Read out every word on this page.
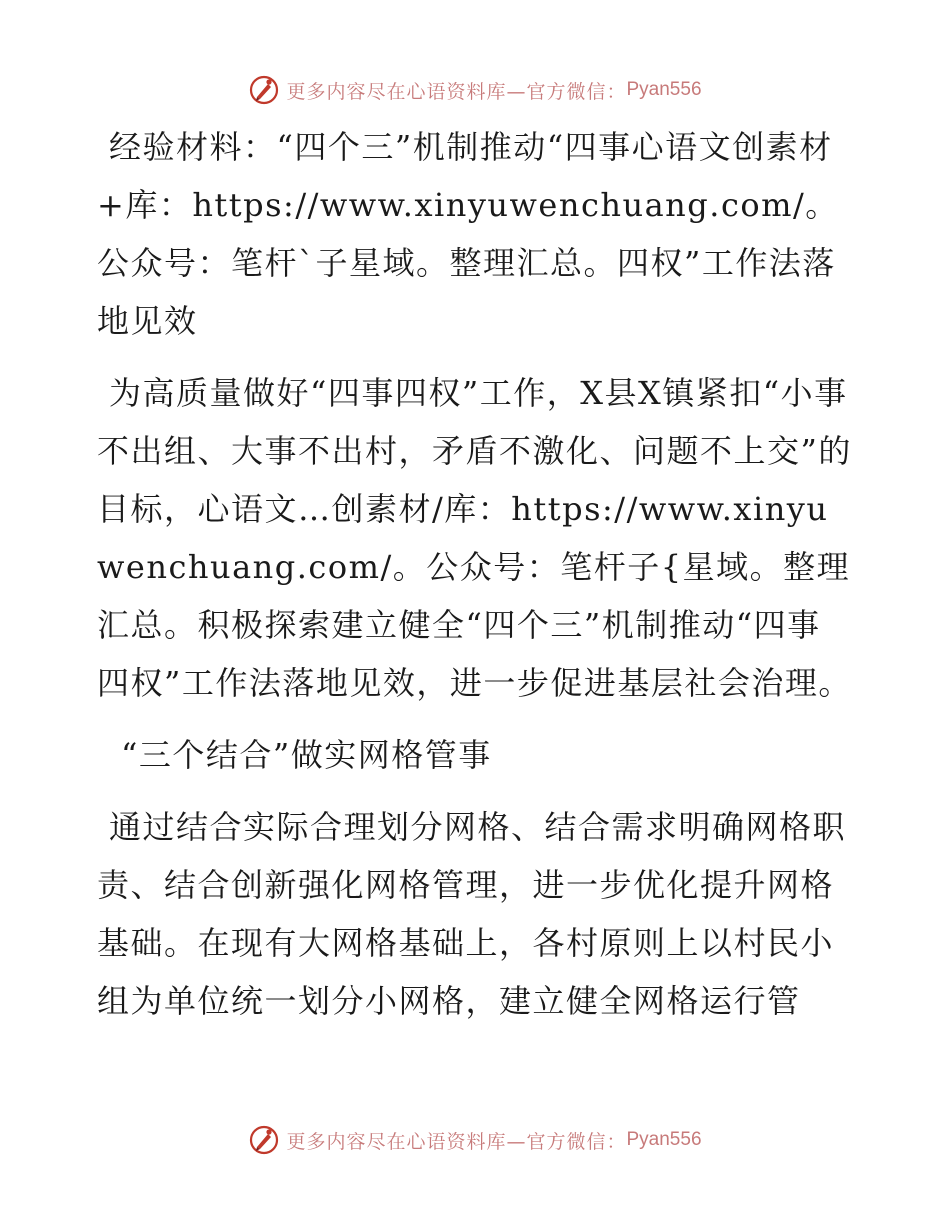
更多内容尽在心语资料库—官方微信： Pyan556

经验材料：“四个三”机制推动“四事心语文创素材+库：https://www.xinyuwenchuang.com/。公众号：笔杆`子星域。整理汇总。四权”工作法落地见效

为高质量做好“四事四权”工作，X县X镇紧扣“小事不出组、大事不出村，矛盾不激化、问题不上交”的目标，心语文…创素材/库：https://www.xinyuwenchuang.com/。公众号：笔杆子{星域。整理汇总。积极探索建立健全“四个三”机制推动“四事四权”工作法落地见效，进一步促进基层社会治理。

“三个结合”做实网格管事

通过结合实际合理划分网格、结合需求明确网格职责、结合创新强化网格管理，进一步优化提升网格基础。在现有大网格基础上，各村原则上以村民小组为单位统一划分小网格，建立健全网格运行管

更多内容尽在心语资料库—官方微信： Pyan556
